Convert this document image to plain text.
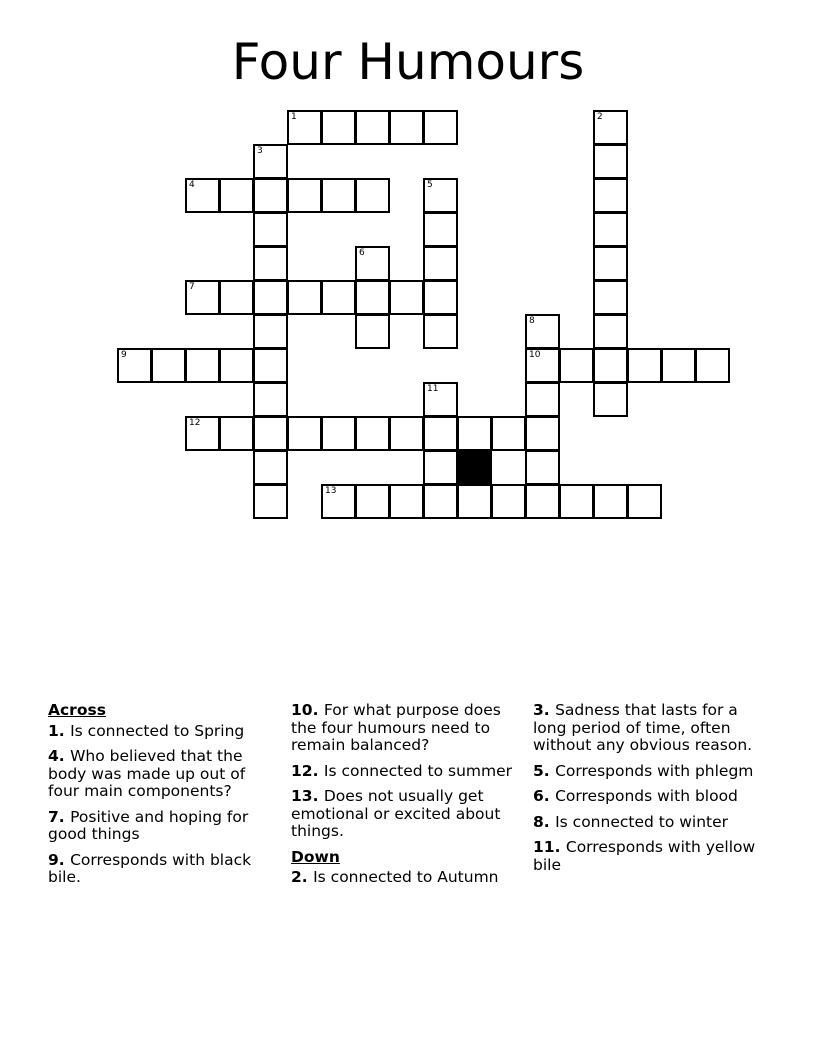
Four Humours
1	2
3
4	5
6
7
8
10
9
11
12
13
Across
1. Is connected to Spring
4. Who believed that the body was made up out of four main components?
7. Positive and hoping for good things
9. Corresponds with black bile.
10. For what purpose does the four humours need to remain balanced?
12. Is connected to summer
13. Does not usually get emotional or excited about things.
Down
2. Is connected to Autumn
3. Sadness that lasts for a long period of time, often without any obvious reason.
5. Corresponds with phlegm
6. Corresponds with blood
8. Is connected to winter
11. Corresponds with yellow bile
